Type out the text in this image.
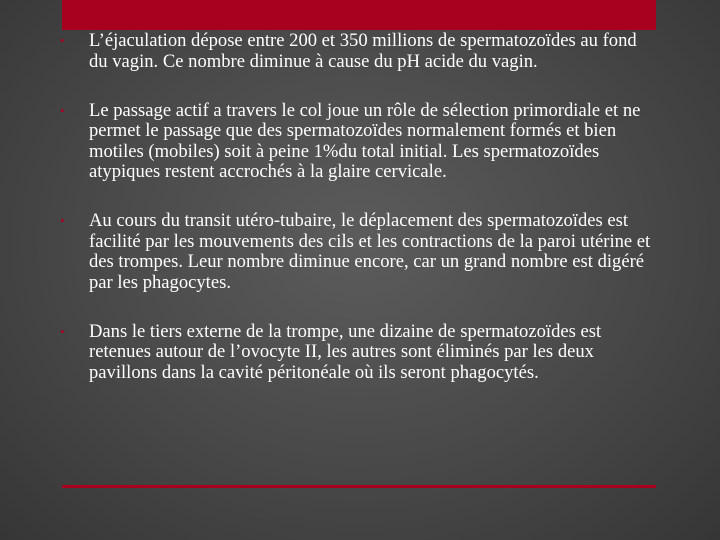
• L’éjaculation dépose entre 200 et 350 millions de spermatozoïdes au fond du vagin. Ce nombre diminue à cause du pH acide du vagin.
• Le passage actif a travers le col joue un rôle de sélection primordiale et ne permet le passage que des spermatozoïdes normalement formés et bien motiles (mobiles) soit à peine 1%du total initial. Les spermatozoïdes atypiques restent accrochés à la glaire cervicale.
• Au cours du transit utéro-tubaire, le déplacement des spermatozoïdes est facilité par les mouvements des cils et les contractions de la paroi utérine et des trompes. Leur nombre diminue encore, car un grand nombre est digéré par les phagocytes.
• Dans le tiers externe de la trompe, une dizaine de spermatozoïdes est retenues autour de l’ovocyte II, les autres sont éliminés par les deux pavillons dans la cavité péritonéale où ils seront phagocytés.
